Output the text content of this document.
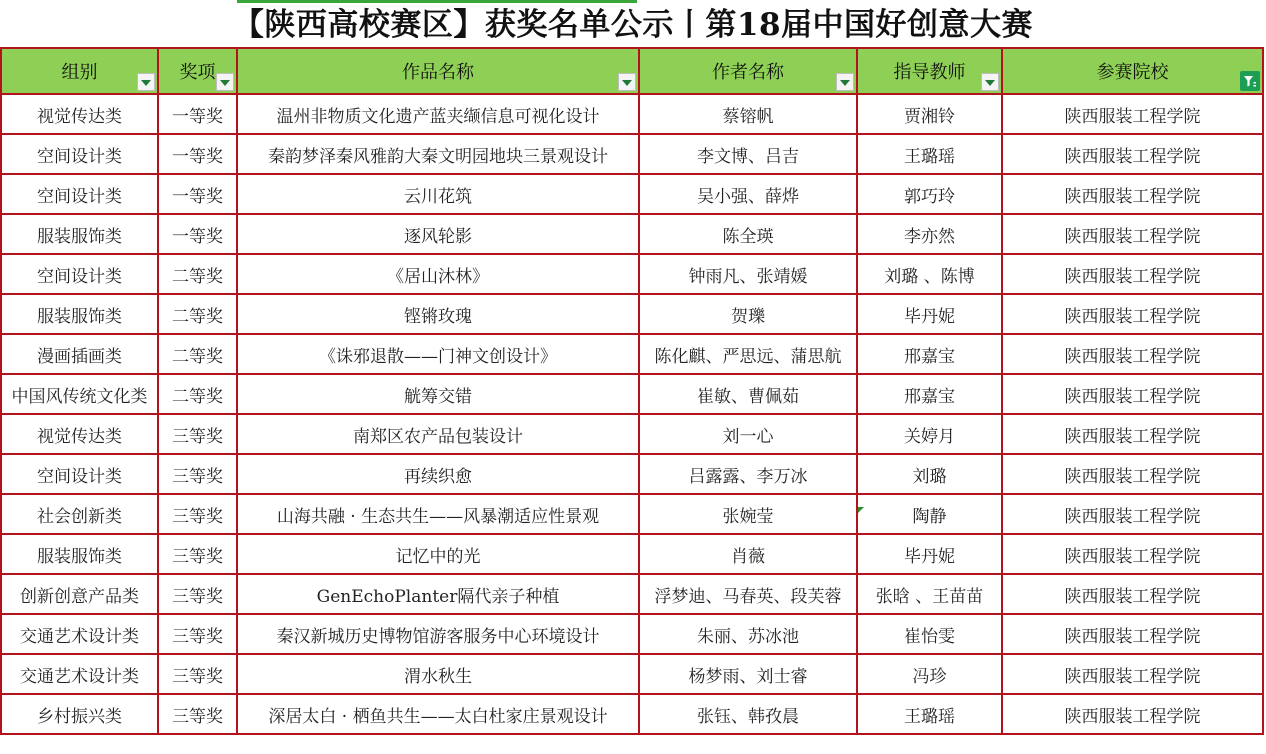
【陕西高校赛区】获奖名单公示丨第18届中国好创意大赛
组别	奖项	作品名称	作者名称	指导教师	参赛院校

视觉传达类	一等奖	温州非物质文化遗产蓝夹缬信息可视化设计	蔡镕帆	贾湘铃	陕西服装工程学院
空间设计类	一等奖	秦韵梦泽秦风雅韵大秦文明园地块三景观设计	李文博、吕吉	王璐瑶	陕西服装工程学院
空间设计类	一等奖	云川花筑	吴小强、薛烨	郭巧玲	陕西服装工程学院
服装服饰类	一等奖	逐风轮影	陈全瑛	李亦然	陕西服装工程学院
空间设计类	二等奖	《居山沐林》	钟雨凡、张靖媛	刘璐 、陈博	陕西服装工程学院
服装服饰类	二等奖	铿锵玫瑰	贺瓅	毕丹妮	陕西服装工程学院
漫画插画类	二等奖	《诛邪退散——门神文创设计》	陈化麒、严思远、蒲思航	邢嘉宝	陕西服装工程学院
中国风传统文化类	二等奖	觥筹交错	崔敏、曹佩茹	邢嘉宝	陕西服装工程学院
视觉传达类	三等奖	南郑区农产品包装设计	刘一心	关婷月	陕西服装工程学院
空间设计类	三等奖	再续织愈	吕露露、李万冰	刘璐	陕西服装工程学院
社会创新类	三等奖	山海共融 · 生态共生——风暴潮适应性景观	张婉莹	陶静	陕西服装工程学院
服装服饰类	三等奖	记忆中的光	肖薇	毕丹妮	陕西服装工程学院
创新创意产品类	三等奖	GenEchoPlanter隔代亲子种植	浮梦迪、马春英、段芙蓉	张晗 、王苗苗	陕西服装工程学院
交通艺术设计类	三等奖	秦汉新城历史博物馆游客服务中心环境设计	朱丽、苏冰池	崔怡雯	陕西服装工程学院
交通艺术设计类	三等奖	渭水秋生	杨梦雨、刘士睿	冯珍	陕西服装工程学院
乡村振兴类	三等奖	深居太白 · 栖鱼共生——太白杜家庄景观设计	张钰、韩孜晨	王璐瑶	陕西服装工程学院
